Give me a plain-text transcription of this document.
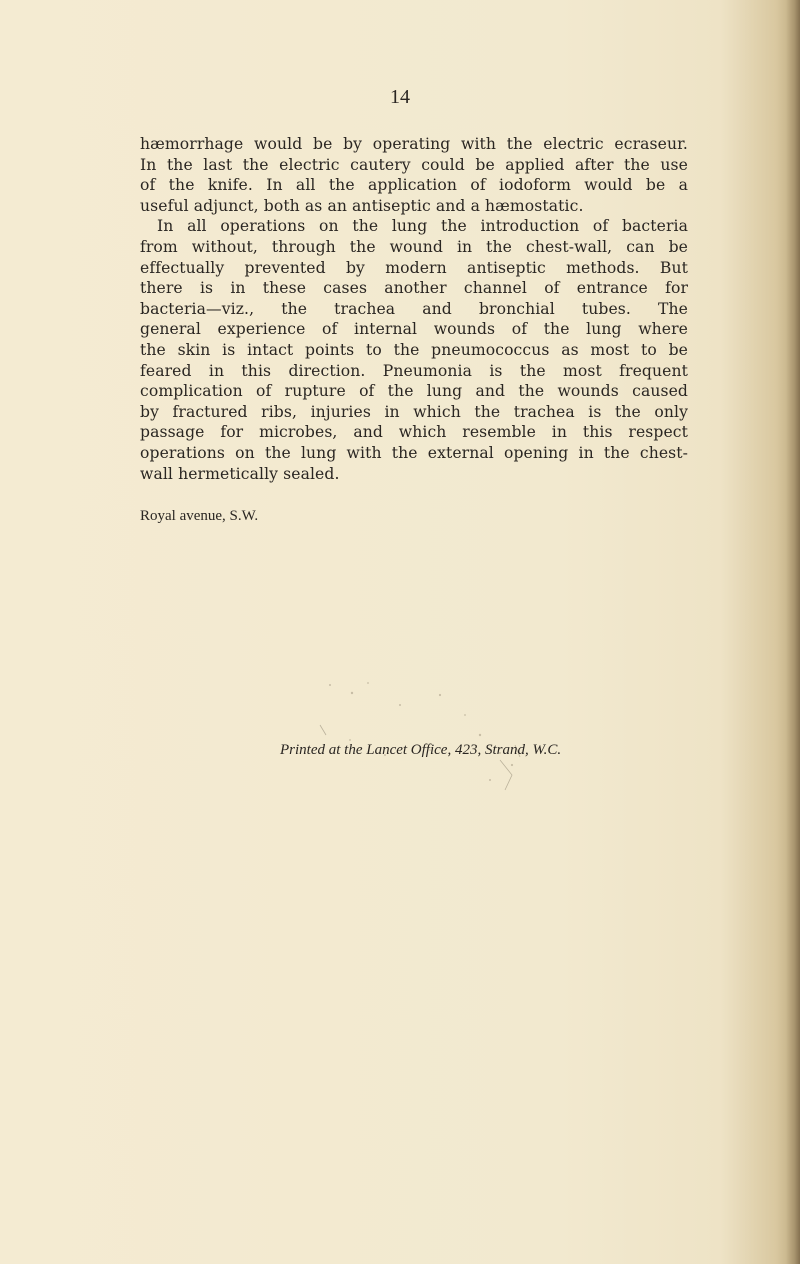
14

hæmorrhage would be by operating with the electric ecraseur.
In the last the electric cautery could be applied after the use
of the knife. In all the application of iodoform would be a
useful adjunct, both as an antiseptic and a hæmostatic.

In all operations on the lung the introduction of bacteria
from without, through the wound in the chest-wall, can be
effectually prevented by modern antiseptic methods. But
there is in these cases another channel of entrance for
bacteria—viz., the trachea and bronchial tubes. The
general experience of internal wounds of the lung where
the skin is intact points to the pneumococcus as most to be
feared in this direction. Pneumonia is the most frequent
complication of rupture of the lung and the wounds caused
by fractured ribs, injuries in which the trachea is the only
passage for microbes, and which resemble in this respect
operations on the lung with the external opening in the chest-
wall hermetically sealed.

Royal avenue, S.W.
Printed at the Lancet Office, 423, Strand, W.C.
